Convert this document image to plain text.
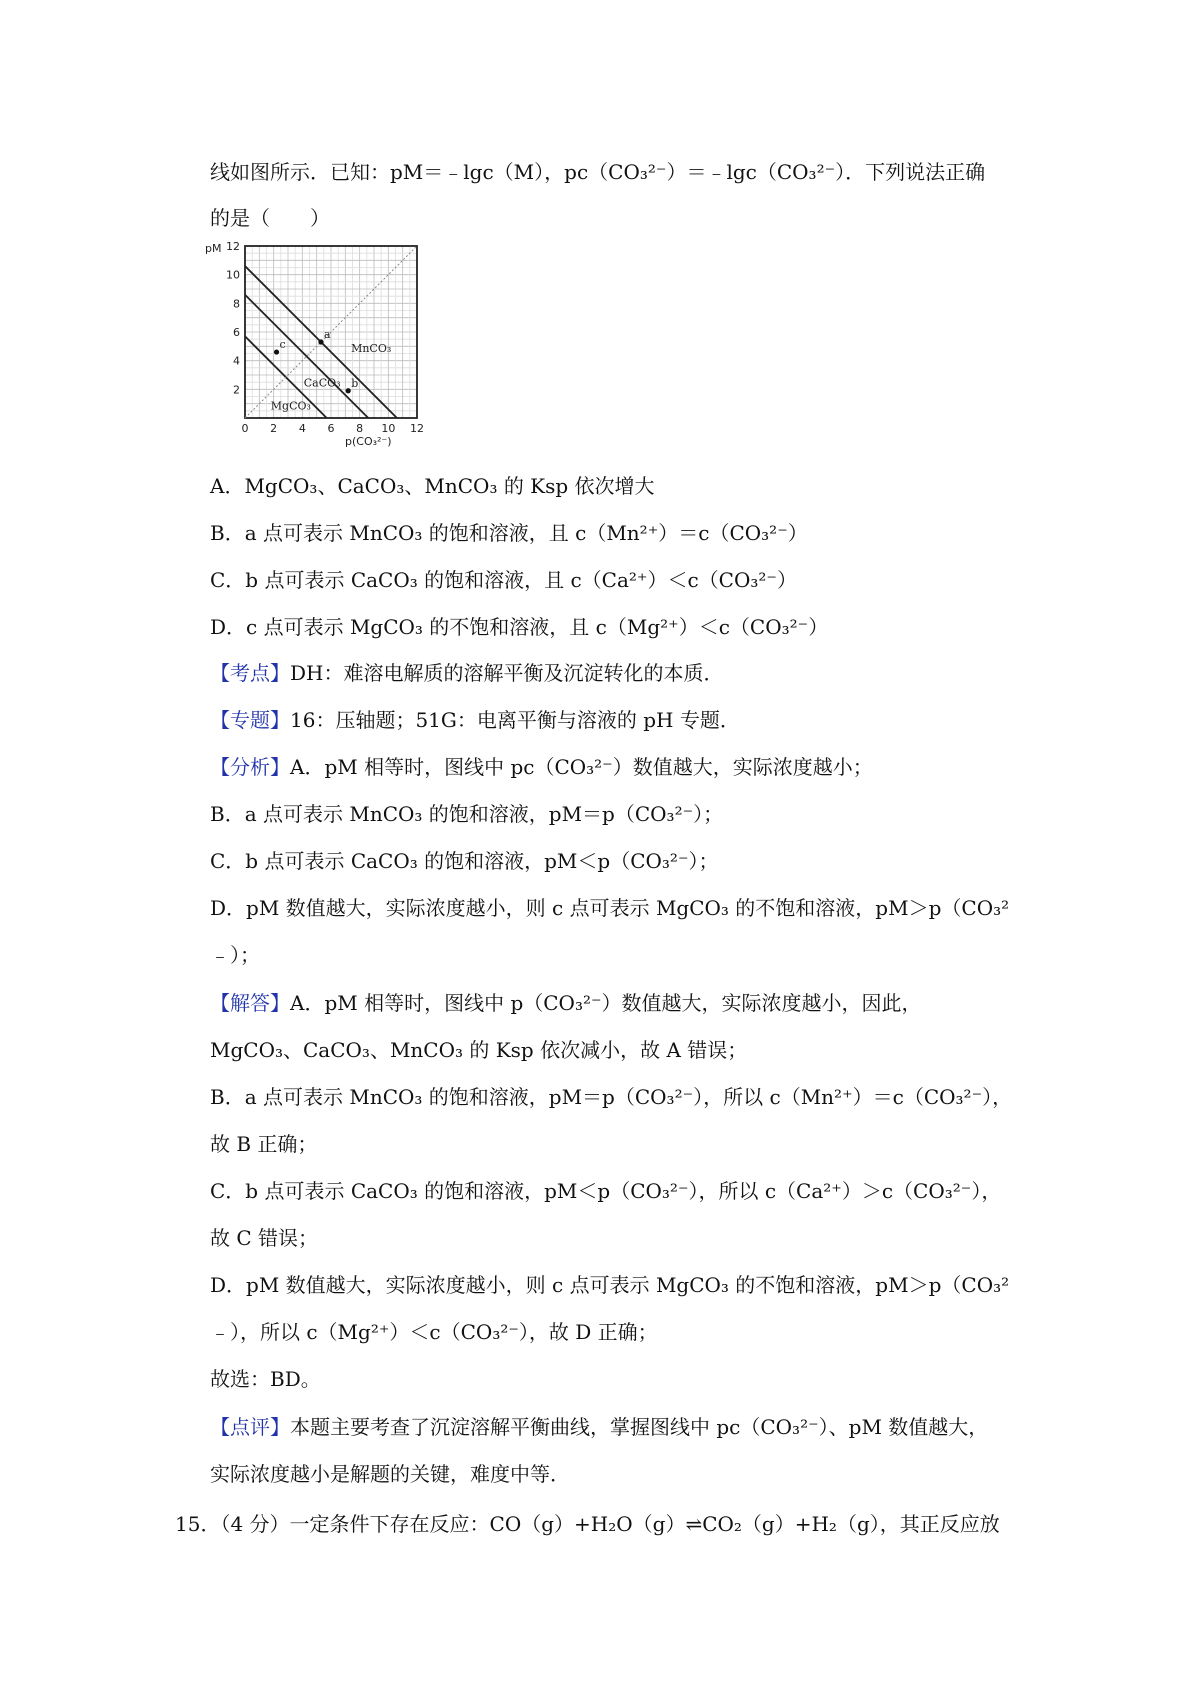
线如图所示．已知：pM＝﹣lgc（M），pc（CO₃²⁻）＝﹣lgc（CO₃²⁻）．下列说法正确
的是（　　）
MnCO₃
CaCO₃
MgCO₃
a
b
c
0 2 4 6 8 10 12
2
4
6
8
10
12
pM
p(CO₃²⁻)
A．MgCO₃、CaCO₃、MnCO₃ 的 Ksp 依次增大
B．a 点可表示 MnCO₃ 的饱和溶液，且 c（Mn²⁺）＝c（CO₃²⁻）
C．b 点可表示 CaCO₃ 的饱和溶液，且 c（Ca²⁺）＜c（CO₃²⁻）
D．c 点可表示 MgCO₃ 的不饱和溶液，且 c（Mg²⁺）＜c（CO₃²⁻）
【考点】DH：难溶电解质的溶解平衡及沉淀转化的本质．
【专题】16：压轴题；51G：电离平衡与溶液的 pH 专题．
【分析】A．pM 相等时，图线中 pc（CO₃²⁻）数值越大，实际浓度越小；
B．a 点可表示 MnCO₃ 的饱和溶液，pM＝p（CO₃²⁻）；
C．b 点可表示 CaCO₃ 的饱和溶液，pM＜p（CO₃²⁻）；
D．pM 数值越大，实际浓度越小，则 c 点可表示 MgCO₃ 的不饱和溶液，pM＞p（CO₃²
﹣）；
【解答】A．pM 相等时，图线中 p（CO₃²⁻）数值越大，实际浓度越小，因此，
MgCO₃、CaCO₃、MnCO₃ 的 Ksp 依次减小，故 A 错误；
B．a 点可表示 MnCO₃ 的饱和溶液，pM＝p（CO₃²⁻），所以 c（Mn²⁺）＝c（CO₃²⁻），
故 B 正确；
C．b 点可表示 CaCO₃ 的饱和溶液，pM＜p（CO₃²⁻），所以 c（Ca²⁺）＞c（CO₃²⁻），
故 C 错误；
D．pM 数值越大，实际浓度越小，则 c 点可表示 MgCO₃ 的不饱和溶液，pM＞p（CO₃²
﹣），所以 c（Mg²⁺）＜c（CO₃²⁻），故 D 正确；
故选：BD。
【点评】本题主要考查了沉淀溶解平衡曲线，掌握图线中 pc（CO₃²⁻）、pM 数值越大，
实际浓度越小是解题的关键，难度中等．
15．（4 分）一定条件下存在反应：CO（g）+H₂O（g）⇌CO₂（g）+H₂（g），其正反应放
